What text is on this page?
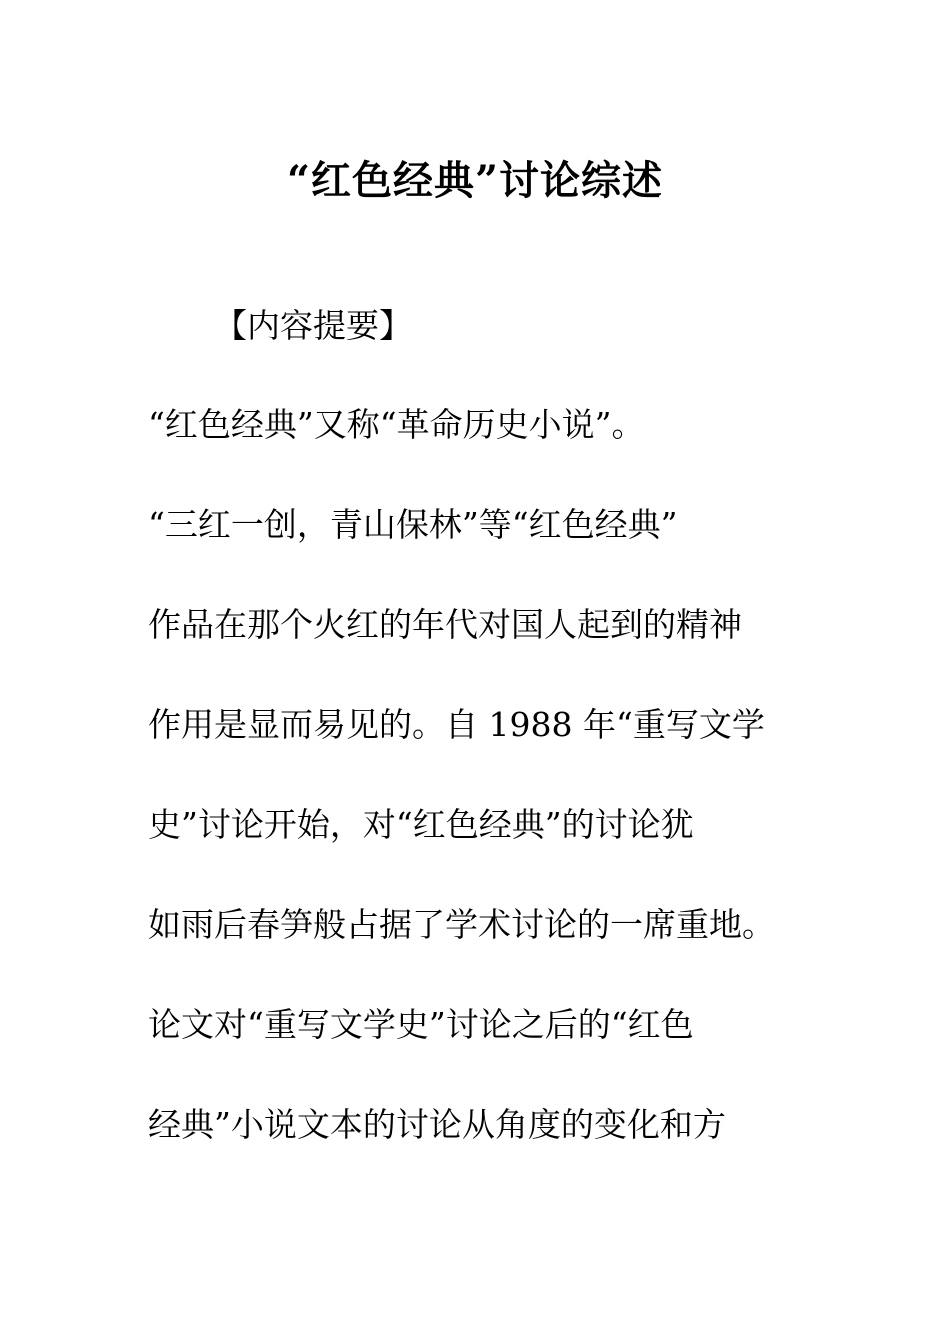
“红色经典”讨论综述
【内容提要】
“红色经典”又称“革命历史小说”。
“三红一创，青山保林”等“红色经典”
作品在那个火红的年代对国人起到的精神
作用是显而易见的。自 1988 年“重写文学
史”讨论开始，对“红色经典”的讨论犹
如雨后春笋般占据了学术讨论的一席重地。
论文对“重写文学史”讨论之后的“红色
经典”小说文本的讨论从角度的变化和方
